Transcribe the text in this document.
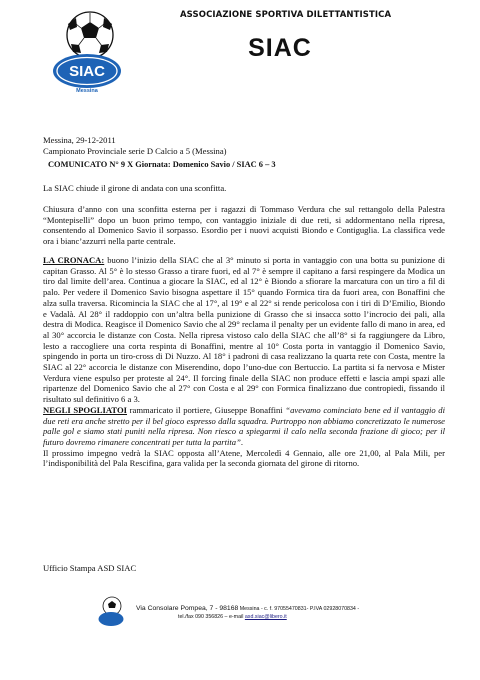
SIAC
Messina
ASSOCIAZIONE SPORTIVA DILETTANTISTICA
SIAC
Messina, 29-12-2011
Campionato Provinciale serie D Calcio a 5 (Messina)
COMUNICATO N° 9 X Giornata: Domenico Savio / SIAC 6 – 3
La SIAC chiude il girone di andata con una sconfitta.
Chiusura d’anno con una sconfitta esterna per i ragazzi di Tommaso Verdura che sul rettangolo della Palestra “Montepiselli” dopo un buon primo tempo, con vantaggio iniziale di due reti, si addormentano nella ripresa, consentendo al Domenico Savio il sorpasso. Esordio per i nuovi acquisti Biondo e Contiguglia. La classifica vede ora i bianc’azzurri nella parte centrale.
LA CRONACA: buono l’inizio della SIAC che al 3° minuto si porta in vantaggio con una botta su punizione di capitan Grasso. Al 5° è lo stesso Grasso a tirare fuori, ed al 7° è sempre il capitano a farsi respingere da Modica un tiro dal limite dell’area. Continua a giocare la SIAC, ed al 12° è Biondo a sfiorare la marcatura con un tiro a fil di palo. Per vedere il Domenico Savio bisogna aspettare il 15° quando Formica tira da fuori area, con Bonaffini che alza sulla traversa. Ricomincia la SIAC che al 17°, al 19° e al 22° si rende pericolosa con i tiri di D’Emilio, Biondo e Vadalà. Al 28° il raddoppio con un’altra bella punizione di Grasso che si insacca sotto l’incrocio dei pali, alla destra di Modica. Reagisce il Domenico Savio che al 29° reclama il penalty per un evidente fallo di mano in area, ed al 30° accorcia le distanze con Costa. Nella ripresa vistoso calo della SIAC che all’8° si fa raggiungere da Libro, lesto a raccogliere una corta respinta di Bonaffini, mentre al 10° Costa porta in vantaggio il Domenico Savio, spingendo in porta un tiro-cross di Di Nuzzo. Al 18° i padroni di casa realizzano la quarta rete con Costa, mentre la SIAC al 22° accorcia le distanze con Miserendino, dopo l’uno-due con Bertuccio. La partita si fa nervosa e Mister Verdura viene espulso per proteste al 24°. Il forcing finale della SIAC non produce effetti e lascia ampi spazi alle ripartenze del Domenico Savio che al 27° con Costa e al 29° con Formica finalizzano due contropiedi, fissando il risultato sul definitivo 6 a 3.
NEGLI SPOGLIATOI rammaricato il portiere, Giuseppe Bonaffini “avevamo cominciato bene ed il vantaggio di due reti era anche stretto per il bel gioco espresso dalla squadra. Purtroppo non abbiamo concretizzato le numerose palle gol e siamo stati puniti nella ripresa. Non riesco a spiegarmi il calo nella seconda frazione di gioco; per il futuro dovremo rimanere concentrati per tutta la partita”.
Il prossimo impegno vedrà la SIAC opposta all’Atene, Mercoledì 4 Gennaio, alle ore 21,00, al Pala Mili, per l’indisponibilità del Pala Rescifina, gara valida per la seconda giornata del girone di ritorno.
Ufficio Stampa ASD SIAC
Via Consolare Pompea, 7 - 98168 Messina - c. f. 97055470831- P.IVA 02928070834 -
tel./fax 090 356826 – e-mail asd.siac@libero.it
